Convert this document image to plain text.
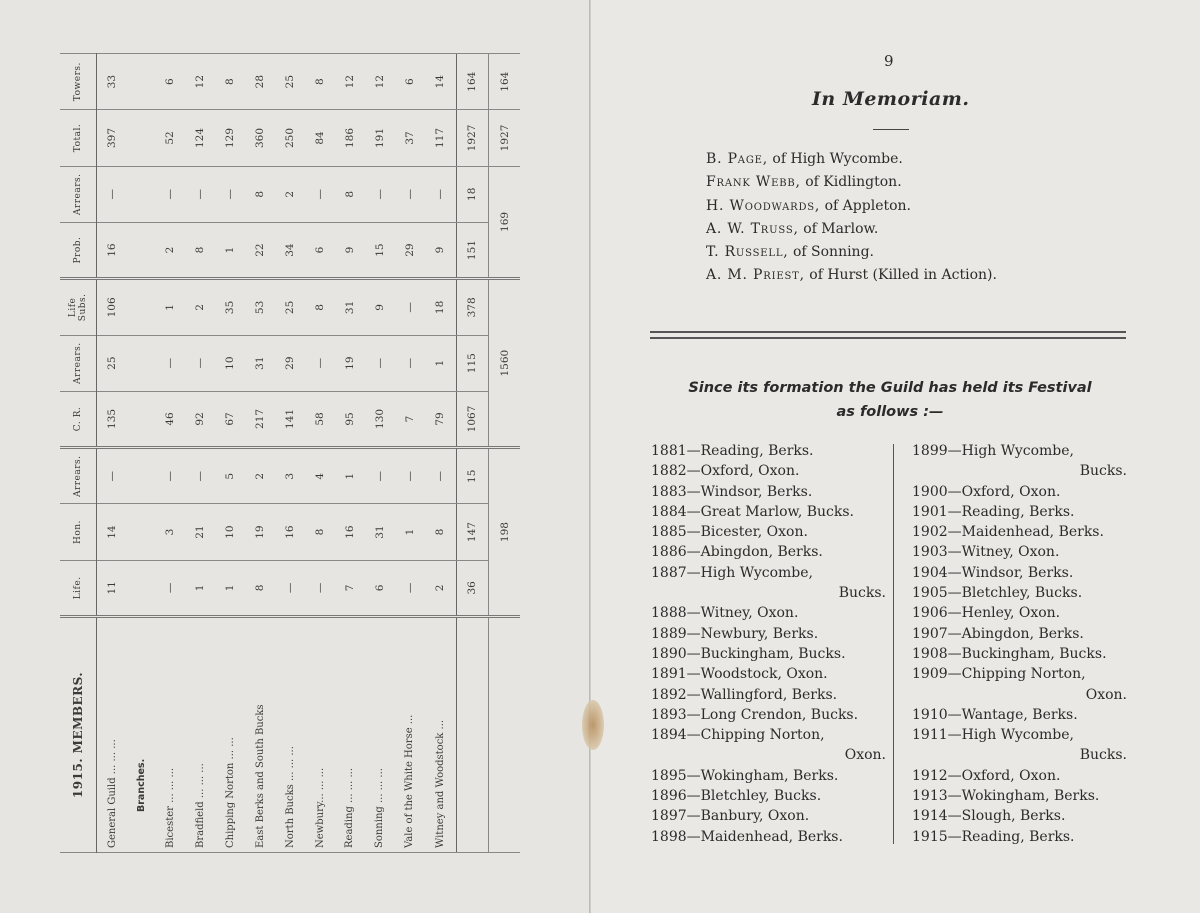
1915. MEMBERS.	Life.	Hon.	Arrears.	C. R.	Arrears.	Life Subs.	Prob.	Arrears.	Total.	Towers.
General Guild ... ... ...	11	14	—	135	25	106	16	—	397	33
Branches.										
Bicester ... ... ...	—	3	—	46	—	1	2	—	52	6
Bradfield ... ... ...	1	21	—	92	—	2	8	—	124	12
Chipping Norton ... ...	1	10	5	67	10	35	1	—	129	8
East Berks and South Bucks	8	19	2	217	31	53	22	8	360	28
North Bucks ... ... ...	—	16	3	141	29	25	34	2	250	25
Newbury... ... ...	—	8	4	58	—	8	6	—	84	8
Reading ... ... ...	7	16	1	95	19	31	9	8	186	12
Sonning ... ... ...	6	31	—	130	—	9	15	—	191	12
Vale of the White Horse ...	—	1	—	7	—	—	29	—	37	6
Witney and Woodstock ...	2	8	—	79	1	18	9	—	117	14
	36	147	15	1067	115	378	151	18	1927	164
	198			1560			169		1927	164
9
In Memoriam.
B. Page, of High Wycombe.
Frank Webb, of Kidlington.
H. Woodwards, of Appleton.
A. W. Truss, of Marlow.
T. Russell, of Sonning.
A. M. Priest, of Hurst (Killed in Action).
Since its formation the Guild has held its Festival
as follows :—
1881—Reading, Berks.
1882—Oxford, Oxon.
1883—Windsor, Berks.
1884—Great Marlow, Bucks.
1885—Bicester, Oxon.
1886—Abingdon, Berks.
1887—High Wycombe,
Bucks.
1888—Witney, Oxon.
1889—Newbury, Berks.
1890—Buckingham, Bucks.
1891—Woodstock, Oxon.
1892—Wallingford, Berks.
1893—Long Crendon, Bucks.
1894—Chipping Norton,
Oxon.
1895—Wokingham, Berks.
1896—Bletchley, Bucks.
1897—Banbury, Oxon.
1898—Maidenhead, Berks.
1899—High Wycombe,
Bucks.
1900—Oxford, Oxon.
1901—Reading, Berks.
1902—Maidenhead, Berks.
1903—Witney, Oxon.
1904—Windsor, Berks.
1905—Bletchley, Bucks.
1906—Henley, Oxon.
1907—Abingdon, Berks.
1908—Buckingham, Bucks.
1909—Chipping Norton,
Oxon.
1910—Wantage, Berks.
1911—High Wycombe,
Bucks.
1912—Oxford, Oxon.
1913—Wokingham, Berks.
1914—Slough, Berks.
1915—Reading, Berks.
